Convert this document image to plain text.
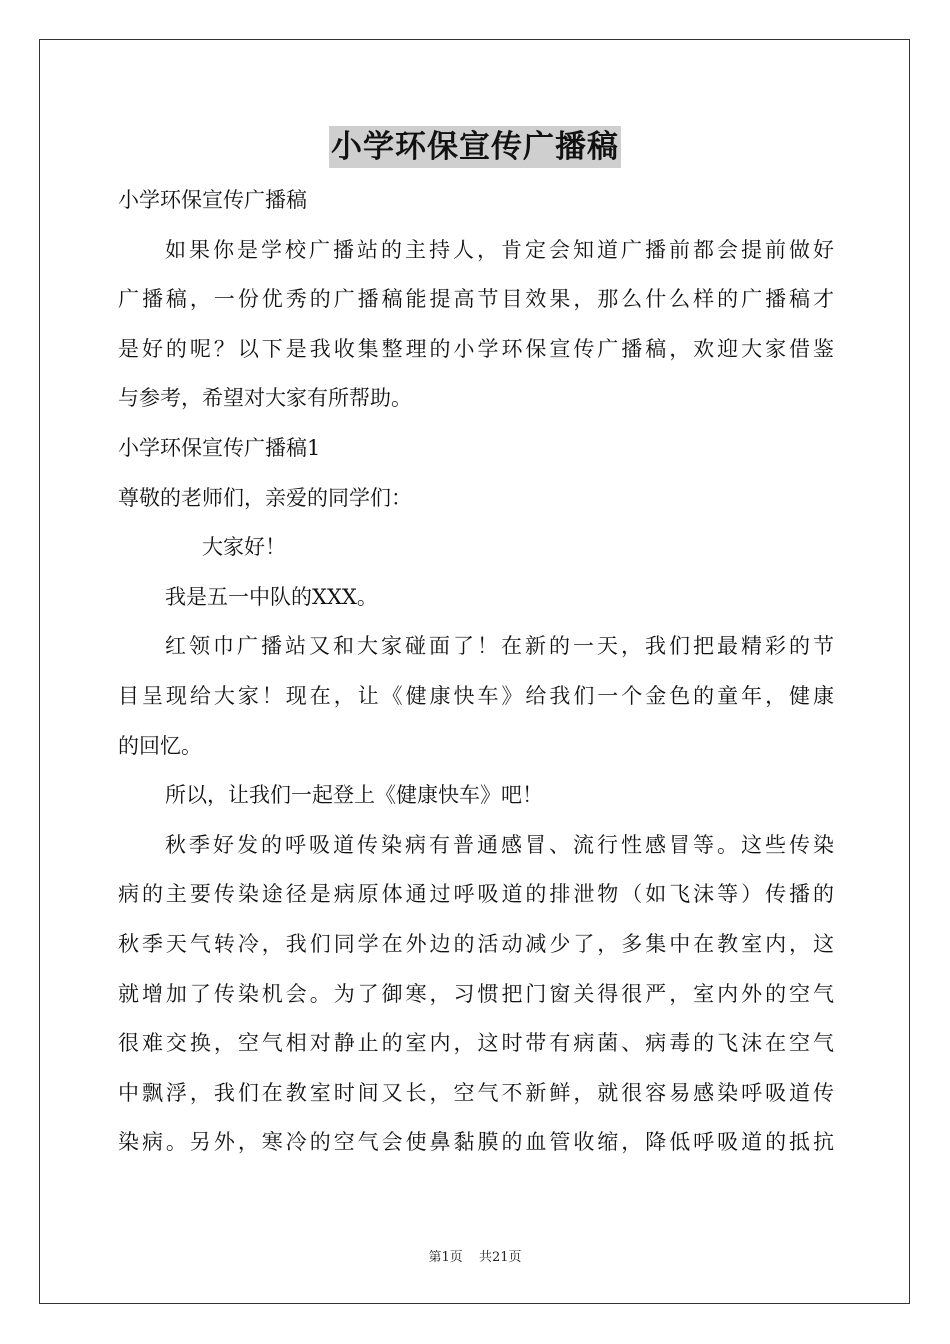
小学环保宣传广播稿
小学环保宣传广播稿
如果你是学校广播站的主持人，肯定会知道广播前都会提前做好
广播稿，一份优秀的广播稿能提高节目效果，那么什么样的广播稿才
是好的呢？以下是我收集整理的小学环保宣传广播稿，欢迎大家借鉴
与参考，希望对大家有所帮助。
小学环保宣传广播稿1
尊敬的老师们，亲爱的同学们：
大家好！
我是五一中队的XXX。
红领巾广播站又和大家碰面了！在新的一天，我们把最精彩的节
目呈现给大家！现在，让《健康快车》给我们一个金色的童年，健康
的回忆。
所以，让我们一起登上《健康快车》吧！
秋季好发的呼吸道传染病有普通感冒、流行性感冒等。这些传染
病的主要传染途径是病原体通过呼吸道的排泄物（如飞沫等）传播的
秋季天气转冷，我们同学在外边的活动减少了，多集中在教室内，这
就增加了传染机会。为了御寒，习惯把门窗关得很严，室内外的空气
很难交换，空气相对静止的室内，这时带有病菌、病毒的飞沫在空气
中飘浮，我们在教室时间又长，空气不新鲜，就很容易感染呼吸道传
染病。另外，寒冷的空气会使鼻黏膜的血管收缩，降低呼吸道的抵抗
第1页 共21页
